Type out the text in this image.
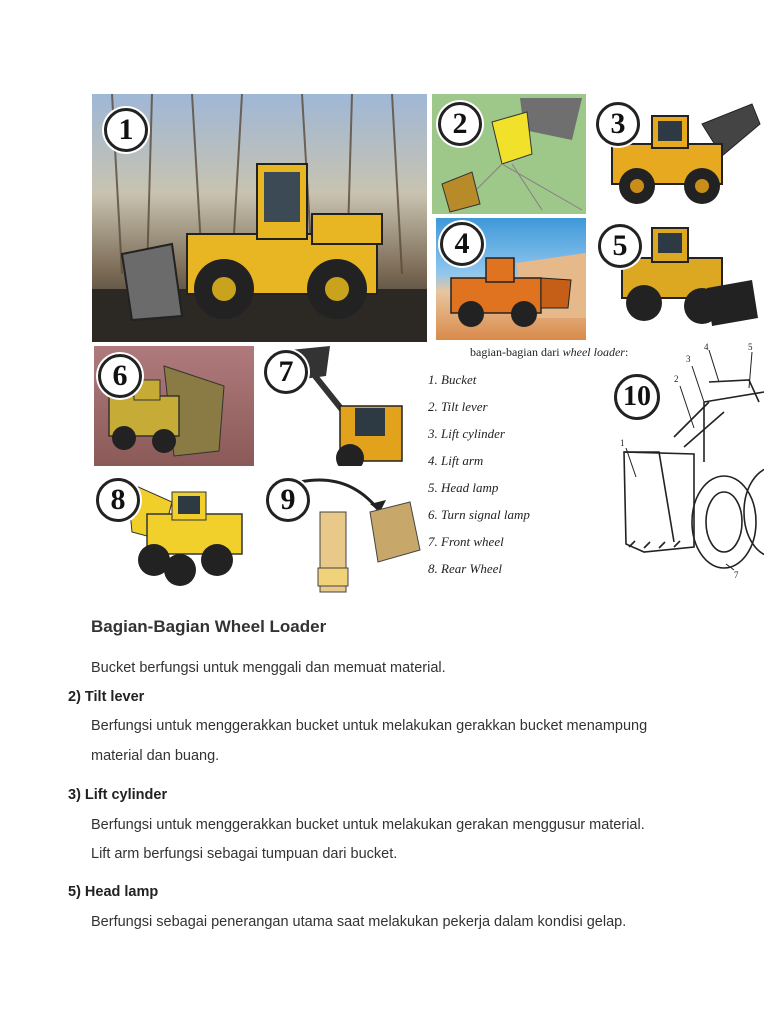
1	2	3
4	5
6	7
8	9
bagian-bagian dari wheel loader:
1. Bucket
2. Tilt lever
3. Lift cylinder
4. Lift arm
5. Head lamp
6. Turn signal lamp
7. Front wheel
8. Rear Wheel
10
1
2
3
4	5
7
Bagian-Bagian Wheel Loader
Bucket berfungsi untuk menggali dan memuat material.
2) Tilt lever
Berfungsi untuk menggerakkan bucket untuk melakukan gerakkan bucket menampung
material dan buang.
3) Lift cylinder
Berfungsi untuk menggerakkan bucket untuk melakukan gerakan menggusur material.
Lift arm berfungsi sebagai tumpuan dari bucket.
5) Head lamp
Berfungsi sebagai penerangan utama saat melakukan pekerja dalam kondisi gelap.
